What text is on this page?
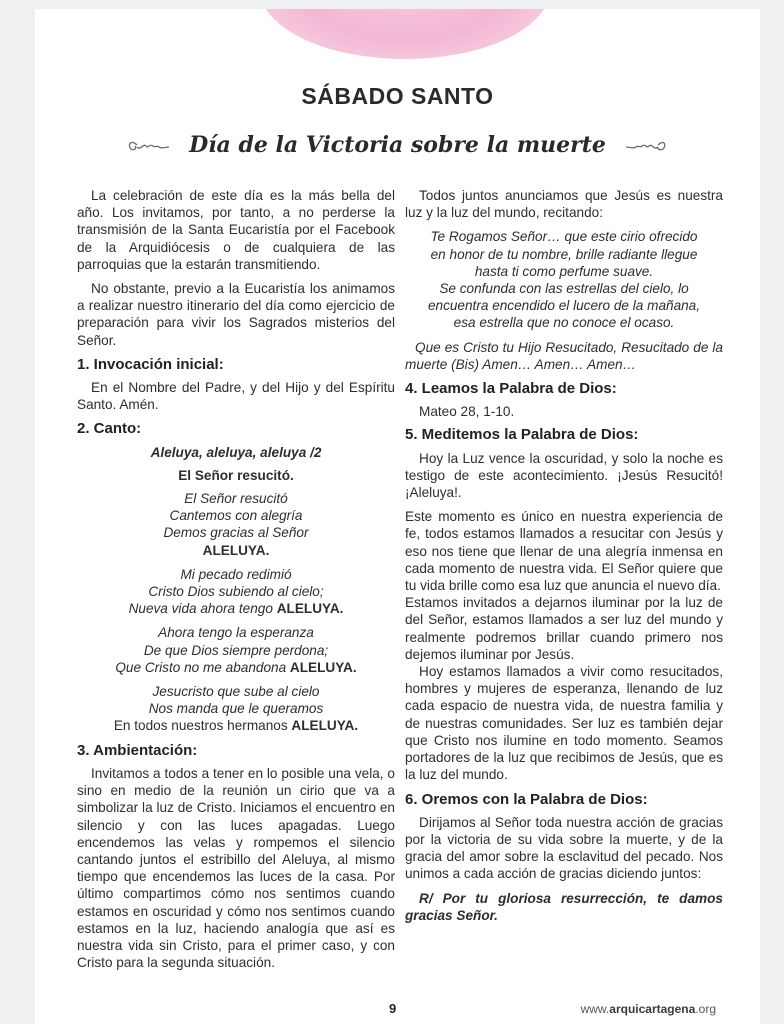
SÁBADO SANTO
Día de la Victoria sobre la muerte

La celebración de este día es la más bella del año. Los invitamos, por tanto, a no perderse la transmisión de la Santa Eucaristía por el Facebook de la Arquidiócesis o de cualquiera de las parroquias que la estarán transmitiendo.

No obstante, previo a la Eucaristía los animamos a realizar nuestro itinerario del día como ejercicio de preparación para vivir los Sagrados misterios del Señor.

1. Invocación inicial:

En el Nombre del Padre, y del Hijo y del Espíritu Santo. Amén.

2. Canto:

Aleluya, aleluya, aleluya /2

El Señor resucitó.

El Señor resucitó
Cantemos con alegría
Demos gracias al Señor
ALELUYA.
Mi pecado redimió
Cristo Dios subiendo al cielo;
Nueva vida ahora tengo ALELUYA.
Ahora tengo la esperanza
De que Dios siempre perdona;
Que Cristo no me abandona ALELUYA.
Jesucristo que sube al cielo
Nos manda que le queramos
En todos nuestros hermanos ALELUYA.
3. Ambientación:

Invitamos a todos a tener en lo posible una vela, o sino en medio de la reunión un cirio que va a simbolizar la luz de Cristo. Iniciamos el encuentro en silencio y con las luces apagadas. Luego encendemos las velas y rompemos el silencio cantando juntos el estribillo del Aleluya, al mismo tiempo que encendemos las luces de la casa. Por último compartimos cómo nos sentimos cuando estamos en oscuridad y cómo nos sentimos cuando estamos en la luz, haciendo analogía que así es nuestra vida sin Cristo, para el primer caso, y con Cristo para la segunda situación.

Todos juntos anunciamos que Jesús es nuestra luz y la luz del mundo, recitando:

Te Rogamos Señor… que este cirio ofrecido
en honor de tu nombre, brille radiante llegue
hasta ti como perfume suave.
Se confunda con las estrellas del cielo, lo
encuentra encendido el lucero de la mañana,
esa estrella que no conoce el ocaso.

Que es Cristo tu Hijo Resucitado, Resucitado de la muerte (Bis) Amen… Amen… Amen…

4. Leamos la Palabra de Dios:

Mateo 28, 1-10.

5. Meditemos la Palabra de Dios:

Hoy la Luz vence la oscuridad, y solo la noche es testigo de este acontecimiento. ¡Jesús Resucitó! ¡Aleluya!.

Este momento es único en nuestra experiencia de fe, todos estamos llamados a resucitar con Jesús y eso nos tiene que llenar de una alegría inmensa en cada momento de nuestra vida. El Señor quiere que tu vida brille como esa luz que anuncia el nuevo día.

Estamos invitados a dejarnos iluminar por la luz de del Señor, estamos llamados a ser luz del mundo y realmente podremos brillar cuando primero nos dejemos iluminar por Jesús.

Hoy estamos llamados a vivir como resucitados, hombres y mujeres de esperanza, llenando de luz cada espacio de nuestra vida, de nuestra familia y de nuestras comunidades. Ser luz es también dejar que Cristo nos ilumine en todo momento. Seamos portadores de la luz que recibimos de Jesús, que es la luz del mundo.

6. Oremos con la Palabra de Dios:

Dirijamos al Señor toda nuestra acción de gracias por la victoria de su vida sobre la muerte, y de la gracia del amor sobre la esclavitud del pecado. Nos unimos a cada acción de gracias diciendo juntos:

R/ Por tu gloriosa resurrección, te damos gracias Señor.

9	www.arquicartagena.org
